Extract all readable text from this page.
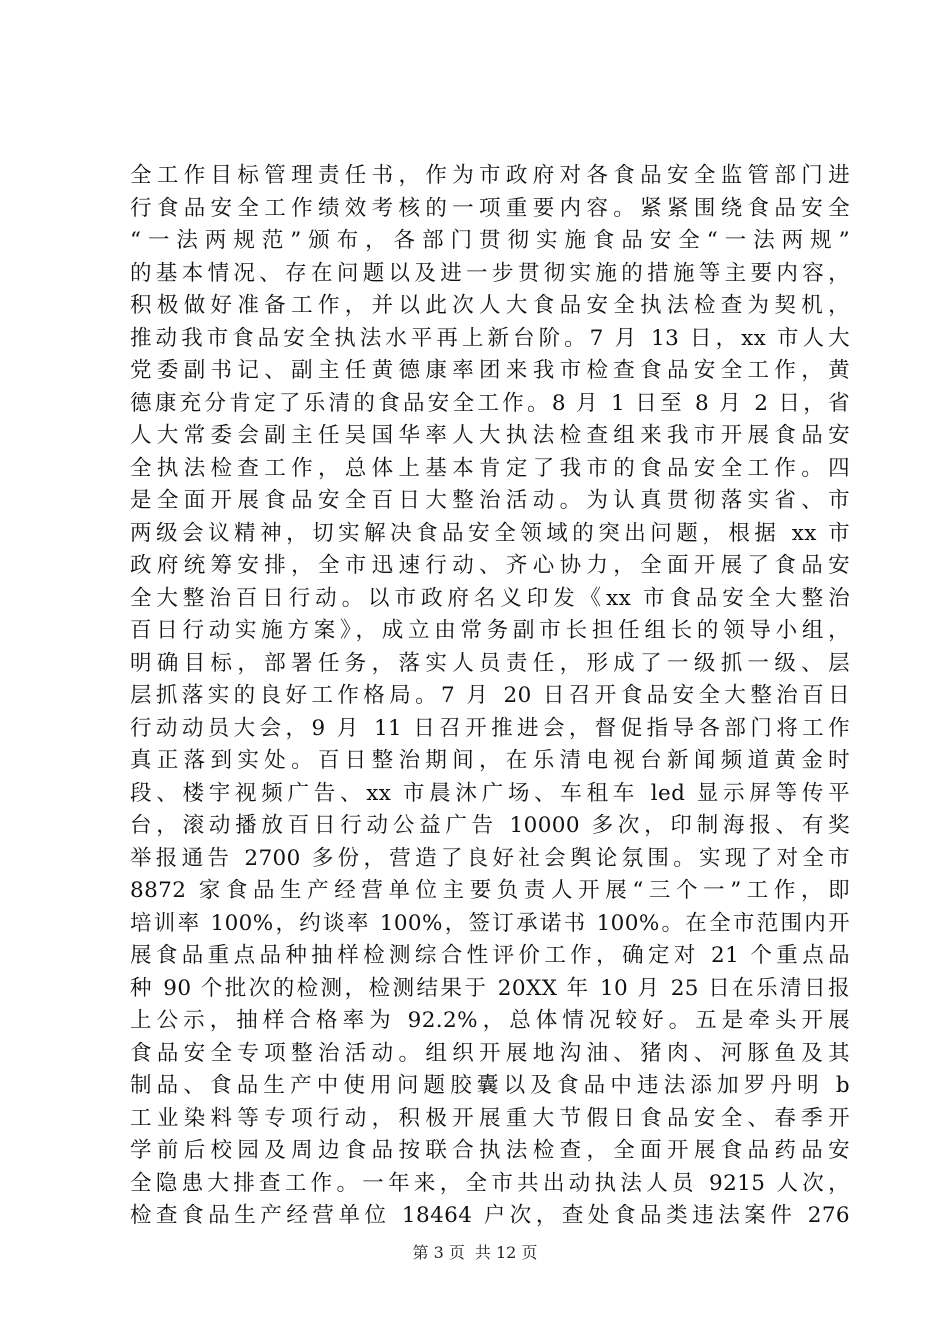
全工作目标管理责任书，作为市政府对各食品安全监管部门进
行食品安全工作绩效考核的一项重要内容。紧紧围绕食品安全
“一法两规范”颁布，各部门贯彻实施食品安全“一法两规”
的基本情况、存在问题以及进一步贯彻实施的措施等主要内容，
积极做好准备工作，并以此次人大食品安全执法检查为契机，
推动我市食品安全执法水平再上新台阶。7 月 13 日，xx 市人大
党委副书记、副主任黄德康率团来我市检查食品安全工作，黄
德康充分肯定了乐清的食品安全工作。8 月 1 日至 8 月 2 日，省
人大常委会副主任吴国华率人大执法检查组来我市开展食品安
全执法检查工作，总体上基本肯定了我市的食品安全工作。四
是全面开展食品安全百日大整治活动。为认真贯彻落实省、市
两级会议精神，切实解决食品安全领域的突出问题，根据 xx 市
政府统筹安排，全市迅速行动、齐心协力，全面开展了食品安
全大整治百日行动。以市政府名义印发《xx 市食品安全大整治
百日行动实施方案》，成立由常务副市长担任组长的领导小组，
明确目标，部署任务，落实人员责任，形成了一级抓一级、层
层抓落实的良好工作格局。7 月 20 日召开食品安全大整治百日
行动动员大会，9 月 11 日召开推进会，督促指导各部门将工作
真正落到实处。百日整治期间，在乐清电视台新闻频道黄金时
段、楼宇视频广告、xx 市晨沐广场、车租车 led 显示屏等传平
台，滚动播放百日行动公益广告 10000 多次，印制海报、有奖
举报通告 2700 多份，营造了良好社会舆论氛围。实现了对全市
8872 家食品生产经营单位主要负责人开展“三个一”工作，即
培训率 100%，约谈率 100%，签订承诺书 100%。在全市范围内开
展食品重点品种抽样检测综合性评价工作，确定对 21 个重点品
种 90 个批次的检测，检测结果于 20XX 年 10 月 25 日在乐清日报
上公示，抽样合格率为 92.2%，总体情况较好。五是牵头开展
食品安全专项整治活动。组织开展地沟油、猪肉、河豚鱼及其
制品、食品生产中使用问题胶囊以及食品中违法添加罗丹明 b
工业染料等专项行动，积极开展重大节假日食品安全、春季开
学前后校园及周边食品按联合执法检查，全面开展食品药品安
全隐患大排查工作。一年来，全市共出动执法人员 9215 人次，
检查食品生产经营单位 18464 户次，查处食品类违法案件 276
第 3 页 共 12 页
